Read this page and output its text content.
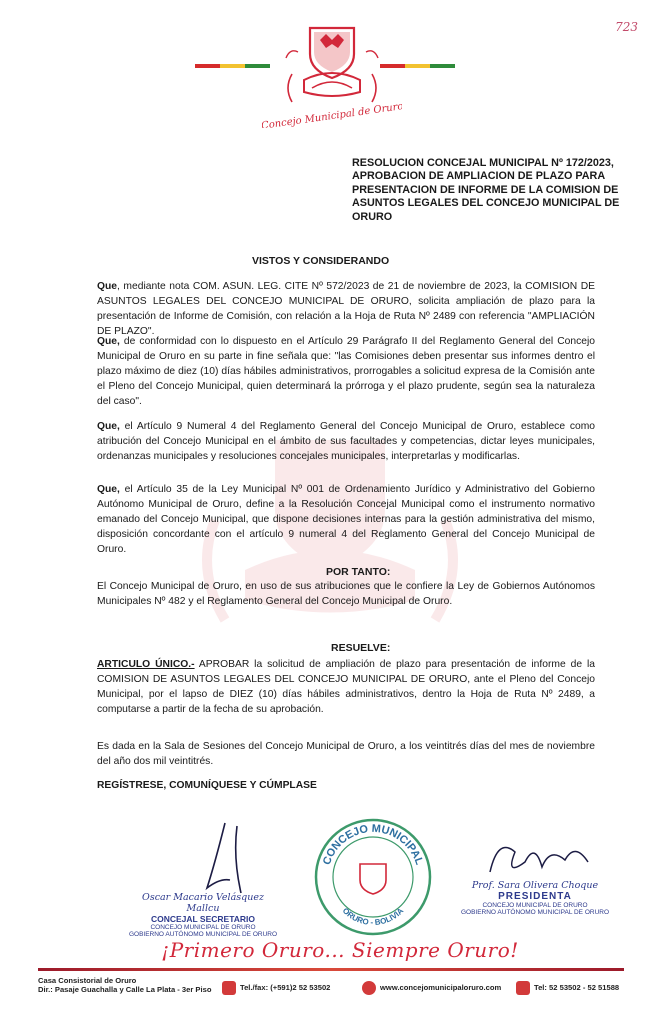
723
Concejo Municipal de Oruro
RESOLUCION CONCEJAL MUNICIPAL Nº 172/2023, APROBACION DE AMPLIACION DE PLAZO PARA PRESENTACION DE INFORME DE LA COMISION DE ASUNTOS LEGALES DEL CONCEJO MUNICIPAL DE ORURO
VISTOS Y CONSIDERANDO

Que, mediante nota COM. ASUN. LEG. CITE Nº 572/2023 de 21 de noviembre de 2023, la COMISION DE ASUNTOS LEGALES DEL CONCEJO MUNICIPAL DE ORURO, solicita ampliación de plazo para la presentación de Informe de Comisión, con relación a la Hoja de Ruta Nº 2489 con referencia "AMPLIACIÓN DE PLAZO".

Que, de conformidad con lo dispuesto en el Artículo 29 Parágrafo II del Reglamento General del Concejo Municipal de Oruro en su parte in fine señala que: "las Comisiones deben presentar sus informes dentro el plazo máximo de diez (10) días hábiles administrativos, prorrogables a solicitud expresa de la Comisión ante el Pleno del Concejo Municipal, quien determinará la prórroga y el plazo prudente, según sea la naturaleza del caso".

Que, el Artículo 9 Numeral 4 del Reglamento General del Concejo Municipal de Oruro, establece como atribución del Concejo Municipal en el ámbito de sus facultades y competencias, dictar leyes municipales, ordenanzas municipales y resoluciones concejales municipales, interpretarlas y modificarlas.

Que, el Artículo 35 de la Ley Municipal Nº 001 de Ordenamiento Jurídico y Administrativo del Gobierno Autónomo Municipal de Oruro, define a la Resolución Concejal Municipal como el instrumento normativo emanado del Concejo Municipal, que dispone decisiones internas para la gestión administrativa del mismo, disposición concordante con el artículo 9 numeral 4 del Reglamento General del Concejo Municipal de Oruro.

POR TANTO:

El Concejo Municipal de Oruro, en uso de sus atribuciones que le confiere la Ley de Gobiernos Autónomos Municipales Nº 482 y el Reglamento General del Concejo Municipal de Oruro.

RESUELVE:

ARTICULO ÚNICO.- APROBAR la solicitud de ampliación de plazo para presentación de informe de la COMISION DE ASUNTOS LEGALES DEL CONCEJO MUNICIPAL DE ORURO, ante el Pleno del Concejo Municipal, por el lapso de DIEZ (10) días hábiles administrativos, dentro la Hoja de Ruta Nº 2489, a computarse a partir de la fecha de su aprobación.

Es dada en la Sala de Sesiones del Concejo Municipal de Oruro, a los veintitrés días del mes de noviembre del año dos mil veintitrés.

REGÍSTRESE, COMUNÍQUESE Y CÚMPLASE

Oscar Macario Velásquez Mallcu
CONCEJAL SECRETARIO
CONCEJO MUNICIPAL DE ORURO
GOBIERNO AUTÓNOMO MUNICIPAL DE ORURO
CONCEJO MUNICIPAL
ORURO - BOLIVIA
Prof. Sara Olivera Choque
PRESIDENTA
CONCEJO MUNICIPAL DE ORURO
GOBIERNO AUTÓNOMO MUNICIPAL DE ORURO
¡Primero Oruro... Siempre Oruro!
Casa Consistorial de Oruro
Dir.: Pasaje Guachalla y Calle La Plata - 3er Piso	Tel./fax: (+591)2 52 53502	www.concejomunicipaloruro.com	Tel: 52 53502 - 52 51588
